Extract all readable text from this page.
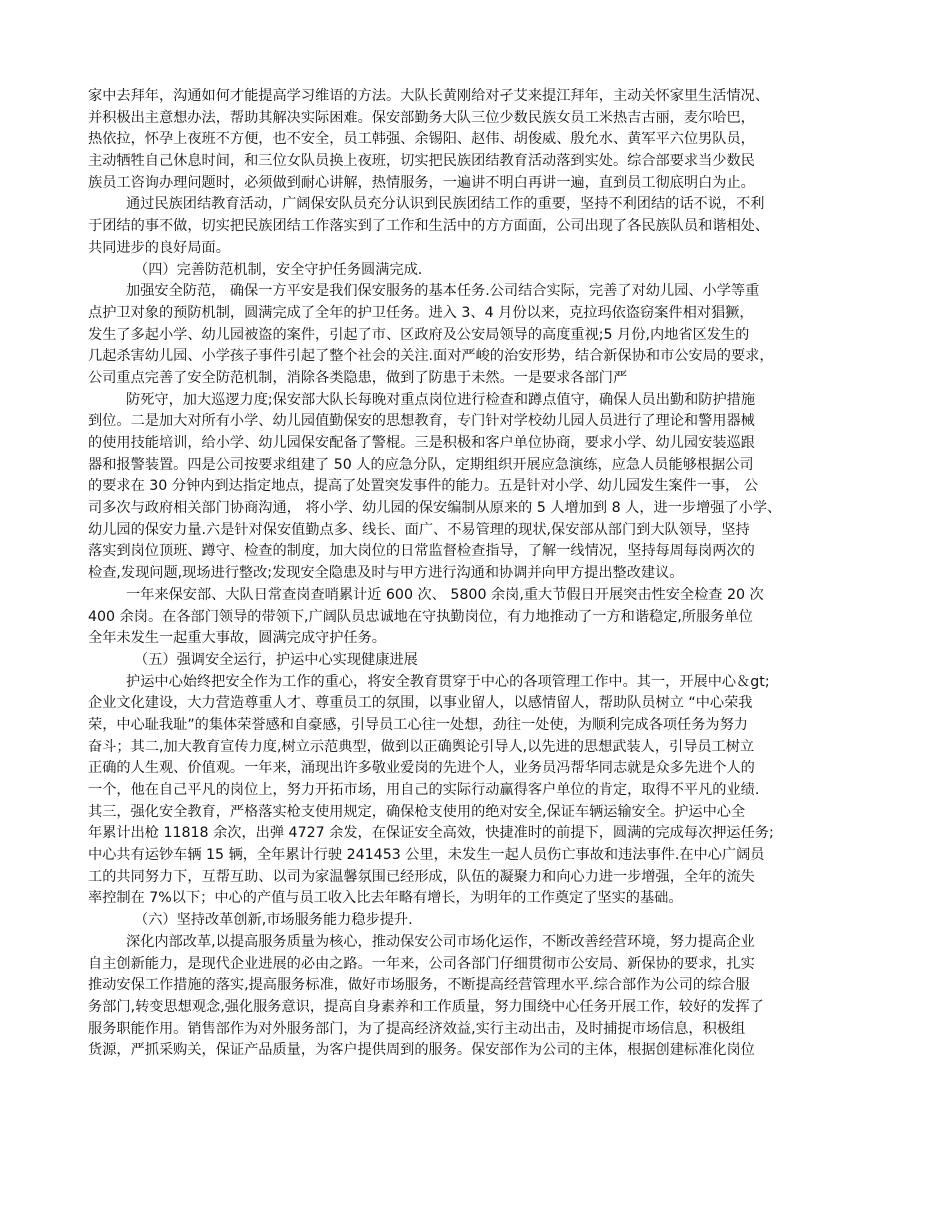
家中去拜年，沟通如何才能提高学习维语的方法。大队长黄刚给对孑艾来提江拜年，主动关怀家里生活情况、
并积极出主意想办法，帮助其解决实际困难。保安部勤务大队三位少数民族女员工米热吉古丽，麦尔哈巴，
热依拉，怀孕上夜班不方便，也不安全，员工韩强、余锡阳、赵伟、胡俊威、殷允水、黄军平六位男队员，
主动牺牲自己休息时间，和三位女队员换上夜班，切实把民族团结教育活动落到实处。综合部要求当少数民
族员工咨询办理问题时，必须做到耐心讲解，热情服务，一遍讲不明白再讲一遍，直到员工彻底明白为止。
通过民族团结教育活动，广阔保安队员充分认识到民族团结工作的重要，坚持不利团结的话不说，不利
于团结的事不做，切实把民族团结工作落实到了工作和生活中的方方面面，公司出现了各民族队员和谐相处、
共同进步的良好局面。
（四）完善防范机制，安全守护任务圆满完成.
加强安全防范， 确保一方平安是我们保安服务的基本任务.公司结合实际，完善了对幼儿园、小学等重
点护卫对象的预防机制，圆满完成了全年的护卫任务。进入 3、4 月份以来，克拉玛依盗窃案件相对猖獗，
发生了多起小学、幼儿园被盗的案件，引起了市、区政府及公安局领导的高度重视;5 月份,内地省区发生的
几起杀害幼儿园、小学孩子事件引起了整个社会的关注.面对严峻的治安形势，结合新保协和市公安局的要求，
公司重点完善了安全防范机制，消除各类隐患，做到了防患于未然。一是要求各部门严
防死守，加大巡逻力度;保安部大队长每晚对重点岗位进行检查和蹲点值守，确保人员出勤和防护措施
到位。二是加大对所有小学、幼儿园值勤保安的思想教育，专门针对学校幼儿园人员进行了理论和警用器械
的使用技能培训，给小学、幼儿园保安配备了警棍。三是积极和客户单位协商，要求小学、幼儿园安装巡跟
器和报警装置。四是公司按要求组建了 50 人的应急分队，定期组织开展应急演练，应急人员能够根据公司
的要求在 30 分钟内到达指定地点，提高了处置突发事件的能力。五是针对小学、幼儿园发生案件一事， 公
司多次与政府相关部门协商沟通， 将小学、幼儿园的保安编制从原来的 5 人增加到 8 人，进一步增强了小学、
幼儿园的保安力量.六是针对保安值勤点多、线长、面广、不易管理的现状,保安部从部门到大队领导，坚持
落实到岗位顶班、蹲守、检查的制度，加大岗位的日常监督检查指导，了解一线情况，坚持每周每岗两次的
检查,发现问题,现场进行整改;发现安全隐患及时与甲方进行沟通和协调并向甲方提出整改建议。
一年来保安部、大队日常查岗查哨累计近 600 次、 5800 余岗,重大节假日开展突击性安全检查 20 次
400 余岗。在各部门领导的带领下,广阔队员忠诚地在守执勤岗位，有力地推动了一方和谐稳定,所服务单位
全年未发生一起重大事故，圆满完成守护任务。
（五）强调安全运行，护运中心实现健康进展
护运中心始终把安全作为工作的重心，将安全教育贯穿于中心的各项管理工作中。其一，开展中心＆gt;
企业文化建设，大力营造尊重人才、尊重员工的氛围，以事业留人，以感情留人，帮助队员树立 “中心荣我
荣，中心耻我耻”的集体荣誉感和自豪感，引导员工心往一处想，劲往一处使，为顺利完成各项任务为努力
奋斗；其二,加大教育宣传力度,树立示范典型，做到以正确舆论引导人,以先进的思想武装人，引导员工树立
正确的人生观、价值观。一年来，涌现出许多敬业爱岗的先进个人，业务员冯帮华同志就是众多先进个人的
一个，他在自己平凡的岗位上，努力开拓市场，用自己的实际行动赢得客户单位的肯定，取得不平凡的业绩.
其三，强化安全教育，严格落实枪支使用规定，确保枪支使用的绝对安全,保证车辆运输安全。护运中心全
年累计出枪 11818 余次，出弹 4727 余发，在保证安全高效，快捷准时的前提下，圆满的完成每次押运任务;
中心共有运钞车辆 15 辆，全年累计行驶 241453 公里，未发生一起人员伤亡事故和违法事件.在中心广阔员
工的共同努力下，互帮互助、以司为家温馨氛围已经形成，队伍的凝聚力和向心力进一步增强，全年的流失
率控制在 7%以下；中心的产值与员工收入比去年略有增长，为明年的工作奠定了坚实的基础。
（六）坚持改革创新,市场服务能力稳步提升.
深化内部改革,以提高服务质量为核心，推动保安公司市场化运作，不断改善经营环境，努力提高企业
自主创新能力，是现代企业进展的必由之路。一年来，公司各部门仔细贯彻市公安局、新保协的要求，扎实
推动安保工作措施的落实,提高服务标准，做好市场服务，不断提高经营管理水平.综合部作为公司的综合服
务部门,转变思想观念,强化服务意识，提高自身素养和工作质量，努力围绕中心任务开展工作，较好的发挥了
服务职能作用。销售部作为对外服务部门，为了提高经济效益,实行主动出击，及时捕捉市场信息，积极组
货源，严抓采购关，保证产品质量，为客户提供周到的服务。保安部作为公司的主体，根据创建标准化岗位
